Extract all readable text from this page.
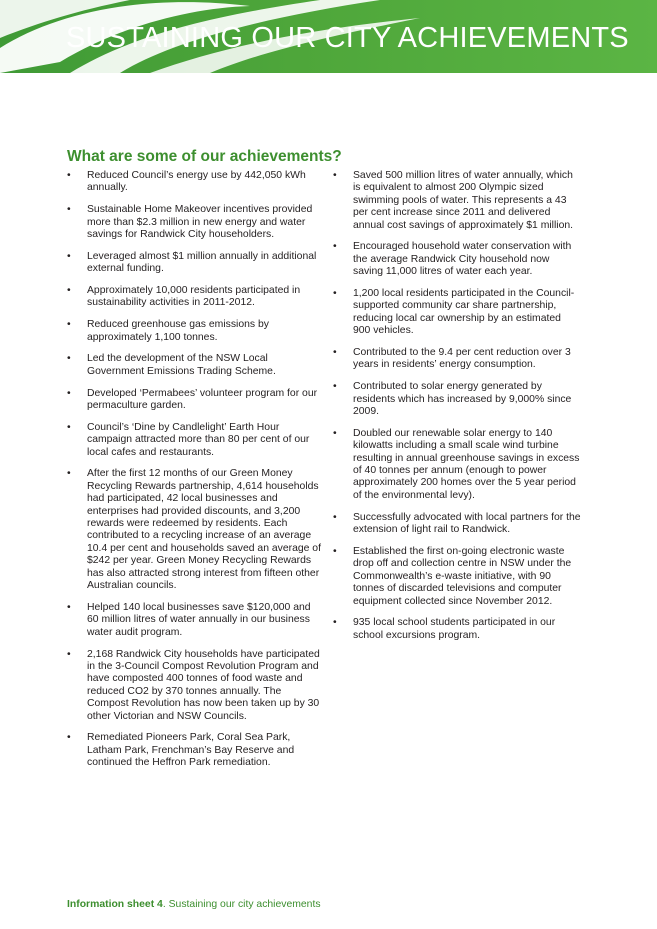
SUSTAINING OUR CITY ACHIEVEMENTS
What are some of our achievements?
• Reduced Council’s energy use by 442,050 kWh annually.
• Sustainable Home Makeover incentives provided more than $2.3 million in new energy and water savings for Randwick City householders.
• Leveraged almost $1 million annually in additional external funding.
• Approximately 10,000 residents participated in sustainability activities in 2011-2012.
• Reduced greenhouse gas emissions by approximately 1,100 tonnes.
• Led the development of the NSW Local Government Emissions Trading Scheme.
• Developed ‘Permabees’ volunteer program for our permaculture garden.
• Council’s ‘Dine by Candlelight’ Earth Hour campaign attracted more than 80 per cent of our local cafes and restaurants.
• After the first 12 months of our Green Money Recycling Rewards partnership, 4,614 households had participated, 42 local businesses and enterprises had provided discounts, and 3,200 rewards were redeemed by residents. Each contributed to a recycling increase of an average 10.4 per cent and households saved an average of $242 per year. Green Money Recycling Rewards has also attracted strong interest from fifteen other Australian councils.
• Helped 140 local businesses save $120,000 and 60 million litres of water annually in our business water audit program.
• 2,168 Randwick City households have participated in the 3-Council Compost Revolution Program and have composted 400 tonnes of food waste and reduced CO2 by 370 tonnes annually. The Compost Revolution has now been taken up by 30 other Victorian and NSW Councils.
• Remediated Pioneers Park, Coral Sea Park, Latham Park, Frenchman’s Bay Reserve and continued the Heffron Park remediation.
• Saved 500 million litres of water annually, which is equivalent to almost 200 Olympic sized swimming pools of water. This represents a 43 per cent increase since 2011 and delivered annual cost savings of approximately $1 million.
• Encouraged household water conservation with the average Randwick City household now saving 11,000 litres of water each year.
• 1,200 local residents participated in the Council-supported community car share partnership, reducing local car ownership by an estimated 900 vehicles.
• Contributed to the 9.4 per cent reduction over 3 years in residents’ energy consumption.
• Contributed to solar energy generated by residents which has increased by 9,000% since 2009.
• Doubled our renewable solar energy to 140 kilowatts including a small scale wind turbine resulting in annual greenhouse savings in excess of 40 tonnes per annum (enough to power approximately 200 homes over the 5 year period of the environmental levy).
• Successfully advocated with local partners for the extension of light rail to Randwick.
• Established the first on-going electronic waste drop off and collection centre in NSW under the Commonwealth’s e-waste initiative, with 90 tonnes of discarded televisions and computer equipment collected since November 2012.
• 935 local school students participated in our school excursions program.
Information sheet 4. Sustaining our city achievements
